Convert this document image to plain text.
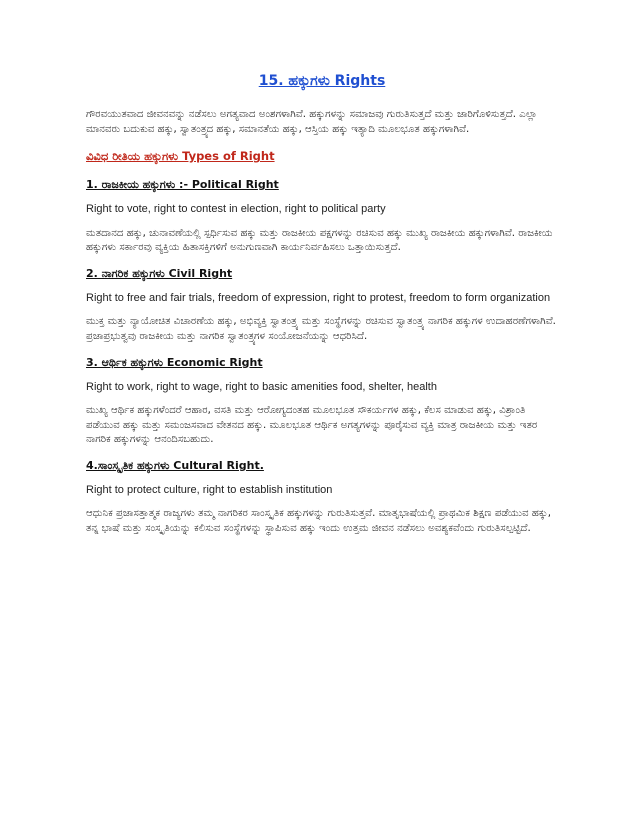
15. ಹಕ್ಕುಗಳು Rights
ಗೌರವಯುತವಾದ ಜೀವನವನ್ನು ನಡೆಸಲು ಅಗತ್ಯವಾದ ಅಂಶಗಳಾಗಿವೆ. ಹಕ್ಕುಗಳನ್ನು ಸಮಾಜವು ಗುರುತಿಸುತ್ತದೆ ಮತ್ತು ಜಾರಿಗೊಳಿಸುತ್ತದೆ. ಎಲ್ಲಾ ಮಾನವರು ಬದುಕುವ ಹಕ್ಕು, ಸ್ವಾತಂತ್ರ್ಯದ ಹಕ್ಕು, ಸಮಾನತೆಯ ಹಕ್ಕು, ಆಸ್ತಿಯ ಹಕ್ಕು ಇತ್ಯಾದಿ ಮೂಲಭೂತ ಹಕ್ಕುಗಳಾಗಿವೆ.
ವಿವಿಧ ರೀತಿಯ ಹಕ್ಕುಗಳು Types of Right
1. ರಾಜಕೀಯ ಹಕ್ಕುಗಳು :- Political Right
Right to vote, right to contest in election, right to political party
ಮತದಾನದ ಹಕ್ಕು, ಚುನಾವಣೆಯಲ್ಲಿ ಸ್ಪರ್ಧಿಸುವ ಹಕ್ಕು ಮತ್ತು ರಾಜಕೀಯ ಪಕ್ಷಗಳನ್ನು ರಚಿಸುವ ಹಕ್ಕು ಮುಖ್ಯ ರಾಜಕೀಯ ಹಕ್ಕುಗಳಾಗಿವೆ. ರಾಜಕೀಯ ಹಕ್ಕುಗಳು ಸರ್ಕಾರವು ವ್ಯಕ್ತಿಯ ಹಿತಾಸಕ್ತಿಗಳಿಗೆ ಅನುಗುಣವಾಗಿ ಕಾರ್ಯನಿರ್ವಹಿಸಲು ಒತ್ತಾಯಿಸುತ್ತದೆ.
2. ನಾಗರಿಕ ಹಕ್ಕುಗಳು Civil Right
Right to free and fair trials, freedom of expression, right to protest, freedom to form organization
ಮುಕ್ತ ಮತ್ತು ನ್ಯಾಯೋಚಿತ ವಿಚಾರಣೆಯ ಹಕ್ಕು, ಅಭಿವ್ಯಕ್ತಿ ಸ್ವಾತಂತ್ರ್ಯ ಮತ್ತು ಸಂಸ್ಥೆಗಳನ್ನು ರಚಿಸುವ ಸ್ವಾತಂತ್ರ್ಯ ನಾಗರಿಕ ಹಕ್ಕುಗಳ ಉದಾಹರಣೆಗಳಾಗಿವೆ. ಪ್ರಜಾಪ್ರಭುತ್ವವು ರಾಜಕೀಯ ಮತ್ತು ನಾಗರಿಕ ಸ್ವಾತಂತ್ರ್ಯಗಳ ಸಂಯೋಜನೆಯನ್ನು ಆಧರಿಸಿದೆ.
3. ಆರ್ಥಿಕ ಹಕ್ಕುಗಳು Economic Right
Right to work, right to wage, right to basic amenities food, shelter, health
ಮುಖ್ಯ ಆರ್ಥಿಕ ಹಕ್ಕುಗಳೆಂದರೆ ಆಹಾರ, ವಸತಿ ಮತ್ತು ಆರೋಗ್ಯದಂತಹ ಮೂಲಭೂತ ಸೌಕರ್ಯಗಳ ಹಕ್ಕು, ಕೆಲಸ ಮಾಡುವ ಹಕ್ಕು, ವಿಶ್ರಾಂತಿ ಪಡೆಯುವ ಹಕ್ಕು ಮತ್ತು ಸಮಂಜಸವಾದ ವೇತನದ ಹಕ್ಕು. ಮೂಲಭೂತ ಆರ್ಥಿಕ ಅಗತ್ಯಗಳನ್ನು ಪೂರೈಸುವ ವ್ಯಕ್ತಿ ಮಾತ್ರ ರಾಜಕೀಯ ಮತ್ತು ಇತರ ನಾಗರಿಕ ಹಕ್ಕುಗಳನ್ನು ಆನಂದಿಸಬಹುದು.
4.ಸಾಂಸ್ಕೃತಿಕ ಹಕ್ಕುಗಳು Cultural Right.
Right to protect culture, right to establish institution
ಆಧುನಿಕ ಪ್ರಜಾಸತ್ತಾತ್ಮಕ ರಾಜ್ಯಗಳು ತಮ್ಮ ನಾಗರಿಕರ ಸಾಂಸ್ಕೃತಿಕ ಹಕ್ಕುಗಳನ್ನು ಗುರುತಿಸುತ್ತವೆ. ಮಾತೃಭಾಷೆಯಲ್ಲಿ ಪ್ರಾಥಮಿಕ ಶಿಕ್ಷಣ ಪಡೆಯುವ ಹಕ್ಕು, ತನ್ನ ಭಾಷೆ ಮತ್ತು ಸಂಸ್ಕೃತಿಯನ್ನು ಕಲಿಸುವ ಸಂಸ್ಥೆಗಳನ್ನು ಸ್ಥಾಪಿಸುವ ಹಕ್ಕು ಇಂದು ಉತ್ತಮ ಜೀವನ ನಡೆಸಲು ಅವಶ್ಯಕವೆಂದು ಗುರುತಿಸಲ್ಪಟ್ಟಿದೆ.
